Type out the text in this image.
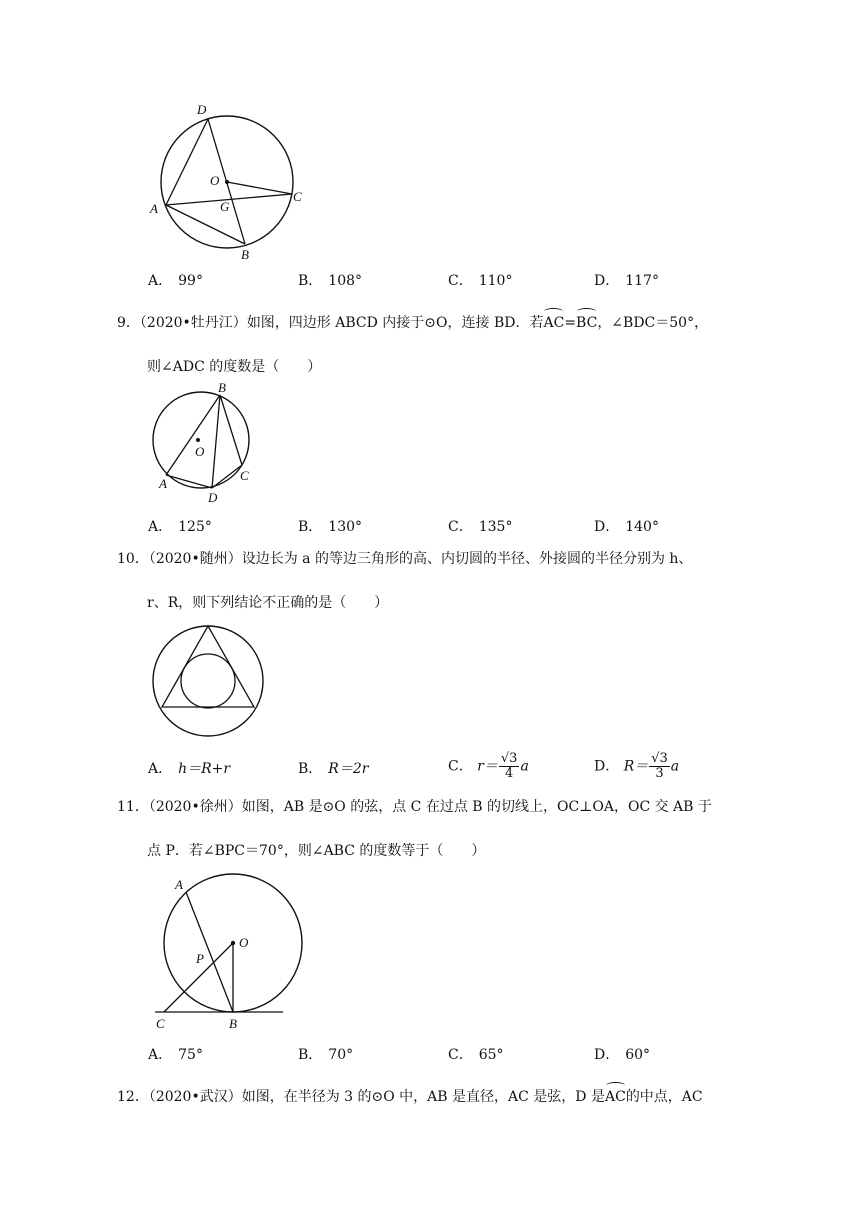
D
O
C
A	G
B
A． 99°	B． 108°	C． 110°	D． 117°
9．（2020•牡丹江）如图，四边形 ABCD 内接于⊙O，连接 BD．若AC=BC，∠BDC＝50°，
则∠ADC 的度数是（　　）
B
O
C
A
D
A． 125°	B． 130°	C． 135°	D． 140°
10．（2020•随州）设边长为 a 的等边三角形的高、内切圆的半径、外接圆的半径分别为 h、
r、R，则下列结论不正确的是（　　）
A． h＝R+r	B． R＝2r	C． $r= \frac{√3}{4}$ a	D． $R= \frac{√3}{3}$ a
11．（2020•徐州）如图，AB 是⊙O 的弦，点 C 在过点 B 的切线上，OC⊥OA，OC 交 AB 于
点 P．若∠BPC＝70°，则∠ABC 的度数等于（　　）
A
O
P
C	B
A． 75°	B． 70°	C． 65°	D． 60°
12．（2020•武汉）如图，在半径为 3 的⊙O 中，AB 是直径，AC 是弦，D 是AC的中点，AC
